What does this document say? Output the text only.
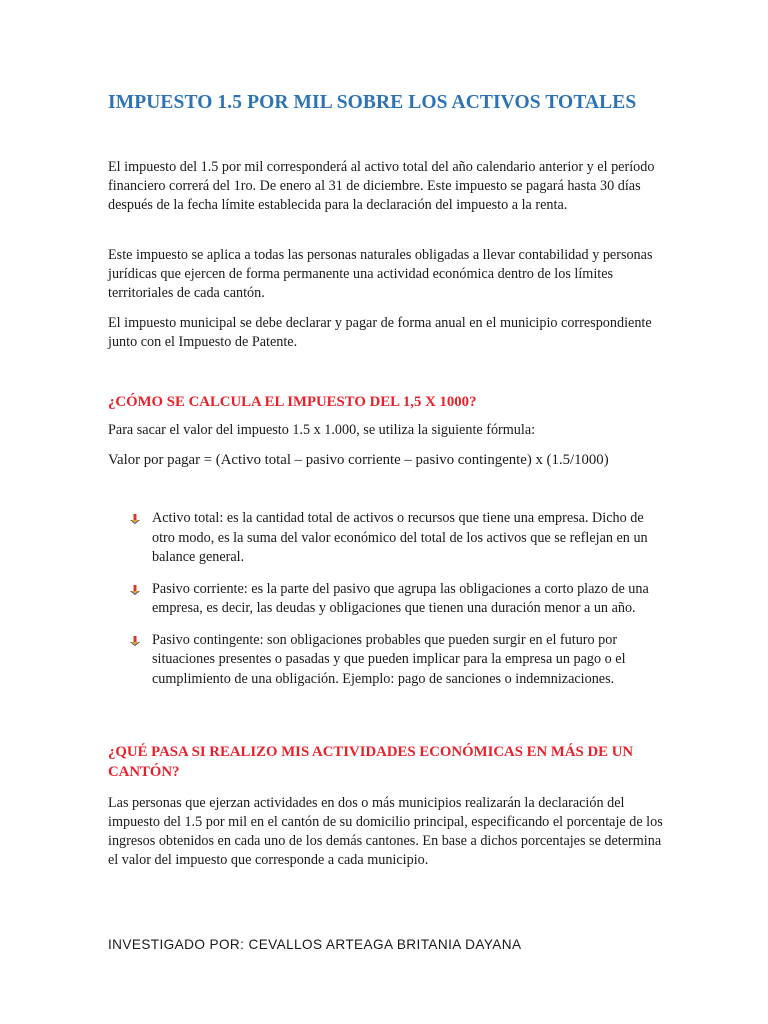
IMPUESTO 1.5 POR MIL SOBRE LOS ACTIVOS TOTALES

El impuesto del 1.5 por mil corresponderá al activo total del año calendario anterior y el período financiero correrá del 1ro. De enero al 31 de diciembre. Este impuesto se pagará hasta 30 días después de la fecha límite establecida para la declaración del impuesto a la renta.

Este impuesto se aplica a todas las personas naturales obligadas a llevar contabilidad y personas jurídicas que ejercen de forma permanente una actividad económica dentro de los límites territoriales de cada cantón.

El impuesto municipal se debe declarar y pagar de forma anual en el municipio correspondiente junto con el Impuesto de Patente.

¿CÓMO SE CALCULA EL IMPUESTO DEL 1,5 X 1000?

Para sacar el valor del impuesto 1.5 x 1.000, se utiliza la siguiente fórmula:

Valor por pagar = (Activo total – pasivo corriente – pasivo contingente) x (1.5/1000)

Activo total: es la cantidad total de activos o recursos que tiene una empresa. Dicho de otro modo, es la suma del valor económico del total de los activos que se reflejan en un balance general.
Pasivo corriente: es la parte del pasivo que agrupa las obligaciones a corto plazo de una empresa, es decir, las deudas y obligaciones que tienen una duración menor a un año.
Pasivo contingente: son obligaciones probables que pueden surgir en el futuro por situaciones presentes o pasadas y que pueden implicar para la empresa un pago o el cumplimiento de una obligación. Ejemplo: pago de sanciones o indemnizaciones.
¿QUÉ PASA SI REALIZO MIS ACTIVIDADES ECONÓMICAS EN MÁS DE UN CANTÓN?

Las personas que ejerzan actividades en dos o más municipios realizarán la declaración del impuesto del 1.5 por mil en el cantón de su domicilio principal, especificando el porcentaje de los ingresos obtenidos en cada uno de los demás cantones. En base a dichos porcentajes se determina el valor del impuesto que corresponde a cada municipio.

INVESTIGADO POR: CEVALLOS ARTEAGA BRITANIA DAYANA
